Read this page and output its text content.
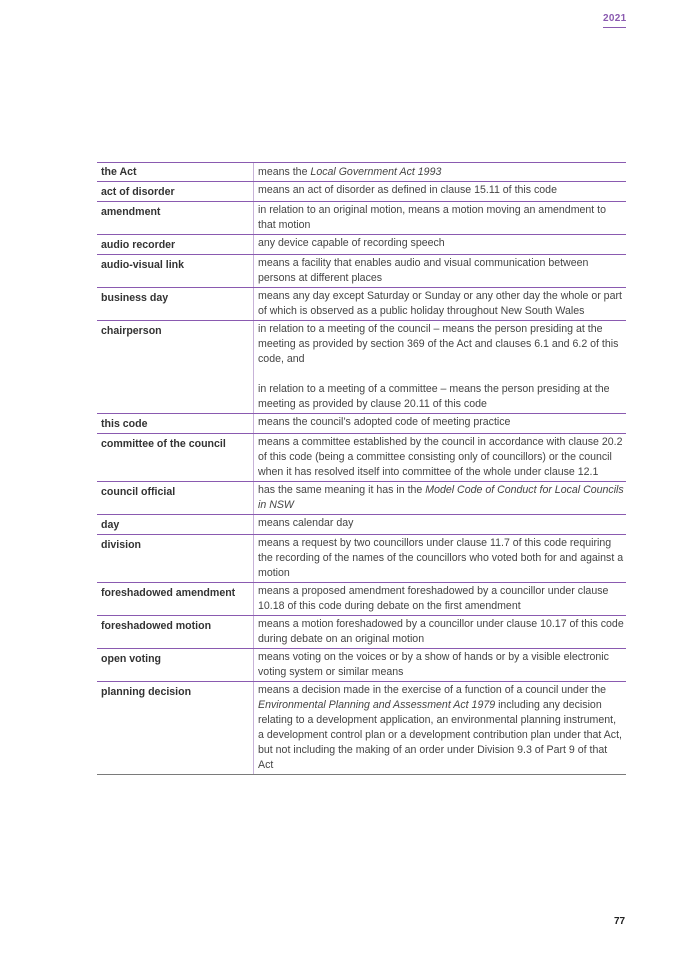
2021
the Act	means the Local Government Act 1993
act of disorder	means an act of disorder as defined in clause 15.11 of this code
amendment	in relation to an original motion, means a motion moving an amendment to that motion
audio recorder	any device capable of recording speech
audio-visual link	means a facility that enables audio and visual communication between persons at different places
business day	means any day except Saturday or Sunday or any other day the whole or part of which is observed as a public holiday throughout New South Wales
chairperson	in relation to a meeting of the council – means the person presiding at the meeting as provided by section 369 of the Act and clauses 6.1 and 6.2 of this code, and

in relation to a meeting of a committee – means the person presiding at the meeting as provided by clause 20.11 of this code

this code	means the council’s adopted code of meeting practice
committee of the council	means a committee established by the council in accordance with clause 20.2 of this code (being a committee consisting only of councillors) or the council when it has resolved itself into committee of the whole under clause 12.1
council official	has the same meaning it has in the Model Code of Conduct for Local Councils in NSW
day	means calendar day
division	means a request by two councillors under clause 11.7 of this code requiring the recording of the names of the councillors who voted both for and against a motion
foreshadowed amendment	means a proposed amendment foreshadowed by a councillor under clause 10.18 of this code during debate on the first amendment
foreshadowed motion	means a motion foreshadowed by a councillor under clause 10.17 of this code during debate on an original motion
open voting	means voting on the voices or by a show of hands or by a visible electronic voting system or similar means
planning decision	means a decision made in the exercise of a function of a council under the Environmental Planning and Assessment Act 1979 including any decision relating to a development application, an environmental planning instrument, a development control plan or a development contribution plan under that Act, but not including the making of an order under Division 9.3 of Part 9 of that Act
77
